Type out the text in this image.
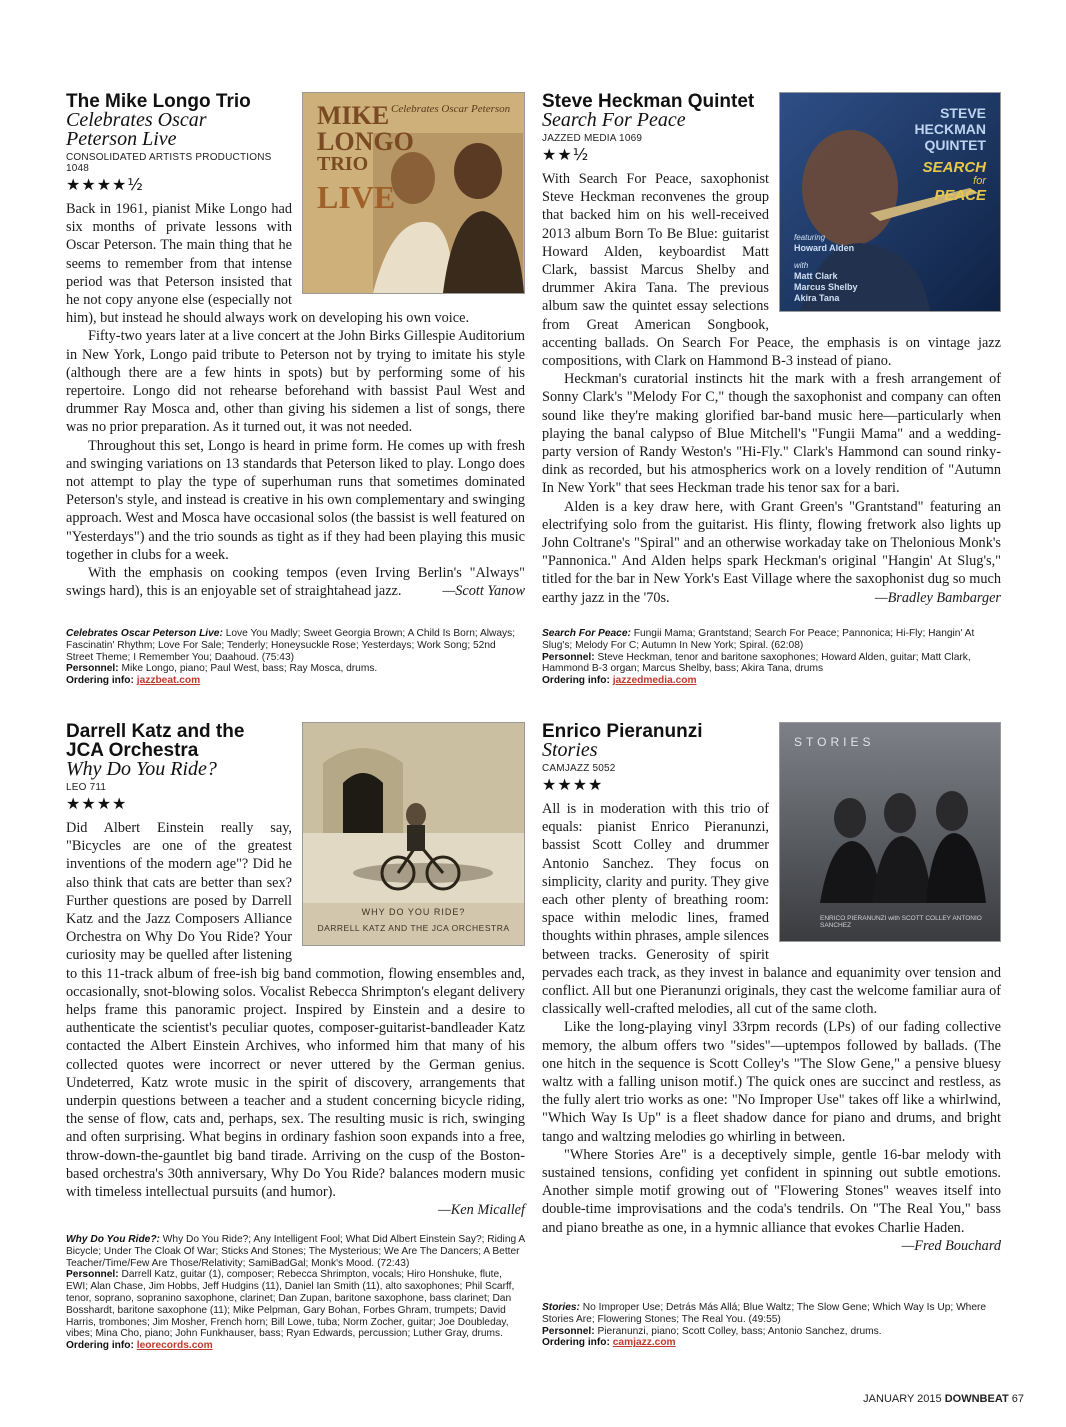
MIKE
LONGO
TRIO
LIVE
Celebrates Oscar Peterson
The Mike Longo Trio
Celebrates Oscar
Peterson Live
CONSOLIDATED ARTISTS PRODUCTIONS 1048
★★★★½

Back in 1961, pianist Mike Longo had six months of private lessons with Oscar Peterson. The main thing that he seems to remember from that intense period was that Peterson insisted that he not copy anyone else (especially not him), but instead he should always work on developing his own voice.

Fifty-two years later at a live concert at the John Birks Gillespie Auditorium in New York, Longo paid tribute to Peterson not by trying to imitate his style (although there are a few hints in spots) but by performing some of his repertoire. Longo did not rehearse beforehand with bassist Paul West and drummer Ray Mosca and, other than giving his sidemen a list of songs, there was no prior preparation. As it turned out, it was not needed.

Throughout this set, Longo is heard in prime form. He comes up with fresh and swinging variations on 13 standards that Peterson liked to play. Longo does not attempt to play the type of superhuman runs that sometimes dominated Peterson's style, and instead is creative in his own complementary and swinging approach. West and Mosca have occasional solos (the bassist is well featured on "Yesterdays") and the trio sounds as tight as if they had been playing this music together in clubs for a week.

With the emphasis on cooking tempos (even Irving Berlin's "Always" swings hard), this is an enjoyable set of straightahead jazz.	—Scott Yanow

Celebrates Oscar Peterson Live: Love You Madly; Sweet Georgia Brown; A Child Is Born; Always; Fascinatin' Rhythm; Love For Sale; Tenderly; Honeysuckle Rose; Yesterdays; Work Song; 52nd Street Theme; I Remember You; Daahoud. (75:43)
Personnel: Mike Longo, piano; Paul West, bass; Ray Mosca, drums.
Ordering info: jazzbeat.com
STEVE
HECKMAN
QUINTET
SEARCH
for
PEACE
featuring
Howard Alden
with
Matt Clark
Marcus Shelby
Akira Tana
Steve Heckman Quintet
Search For Peace
JAZZED MEDIA 1069
★★½

With Search For Peace, saxophonist Steve Heckman reconvenes the group that backed him on his well-received 2013 album Born To Be Blue: guitarist Howard Alden, keyboardist Matt Clark, bassist Marcus Shelby and drummer Akira Tana. The previous album saw the quintet essay selections from Great American Songbook, accenting ballads. On Search For Peace, the emphasis is on vintage jazz compositions, with Clark on Hammond B-3 instead of piano.

Heckman's curatorial instincts hit the mark with a fresh arrangement of Sonny Clark's "Melody For C," though the saxophonist and company can often sound like they're making glorified bar-band music here—particularly when playing the banal calypso of Blue Mitchell's "Fungii Mama" and a wedding-party version of Randy Weston's "Hi-Fly." Clark's Hammond can sound rinky-dink as recorded, but his atmospherics work on a lovely rendition of "Autumn In New York" that sees Heckman trade his tenor sax for a bari.

Alden is a key draw here, with Grant Green's "Grantstand" featuring an electrifying solo from the guitarist. His flinty, flowing fretwork also lights up John Coltrane's "Spiral" and an otherwise workaday take on Thelonious Monk's "Pannonica." And Alden helps spark Heckman's original "Hangin' At Slug's," titled for the bar in New York's East Village where the saxophonist dug so much earthy jazz in the '70s.	—Bradley Bambarger

Search For Peace: Fungii Mama; Grantstand; Search For Peace; Pannonica; Hi-Fly; Hangin' At Slug's; Melody For C; Autumn In New York; Spiral. (62:08)
Personnel: Steve Heckman, tenor and baritone saxophones; Howard Alden, guitar; Matt Clark, Hammond B-3 organ; Marcus Shelby, bass; Akira Tana, drums
Ordering info: jazzedmedia.com
WHY DO YOU RIDE?
DARRELL KATZ AND THE JCA ORCHESTRA
Darrell Katz and the
JCA Orchestra
Why Do You Ride?
LEO 711
★★★★

Did Albert Einstein really say, "Bicycles are one of the greatest inventions of the modern age"? Did he also think that cats are better than sex? Further questions are posed by Darrell Katz and the Jazz Composers Alliance Orchestra on Why Do You Ride? Your curiosity may be quelled after listening to this 11-track album of free-ish big band commotion, flowing ensembles and, occasionally, snot-blowing solos. Vocalist Rebecca Shrimpton's elegant delivery helps frame this panoramic project. Inspired by Einstein and a desire to authenticate the scientist's peculiar quotes, composer-guitarist-bandleader Katz contacted the Albert Einstein Archives, who informed him that many of his collected quotes were incorrect or never uttered by the German genius. Undeterred, Katz wrote music in the spirit of discovery, arrangements that underpin questions between a teacher and a student concerning bicycle riding, the sense of flow, cats and, perhaps, sex. The resulting music is rich, swinging and often surprising. What begins in ordinary fashion soon expands into a free, throw-down-the-gauntlet big band tirade. Arriving on the cusp of the Boston-based orchestra's 30th anniversary, Why Do You Ride? balances modern music with timeless intellectual pursuits (and humor).

—Ken Micallef
Why Do You Ride?: Why Do You Ride?; Any Intelligent Fool; What Did Albert Einstein Say?; Riding A Bicycle; Under The Cloak Of War; Sticks And Stones; The Mysterious; We Are The Dancers; A Better Teacher/Time/Few Are Those/Relativity; SamiBadGal; Monk's Mood. (72:43)
Personnel: Darrell Katz, guitar (1), composer; Rebecca Shrimpton, vocals; Hiro Honshuke, flute, EWI; Alan Chase, Jim Hobbs, Jeff Hudgins (11), Daniel Ian Smith (11), alto saxophones; Phil Scarff, tenor, soprano, sopranino saxophone, clarinet; Dan Zupan, baritone saxophone, bass clarinet; Dan Bosshardt, baritone saxophone (11); Mike Pelpman, Gary Bohan, Forbes Ghram, trumpets; David Harris, trombones; Jim Mosher, French horn; Bill Lowe, tuba; Norm Zocher, guitar; Joe Doubleday, vibes; Mina Cho, piano; John Funkhauser, bass; Ryan Edwards, percussion; Luther Gray, drums.
Ordering info: leorecords.com
STORIES
ENRICO PIERANUNZI with SCOTT COLLEY ANTONIO SANCHEZ
Enrico Pieranunzi
Stories
CAMJAZZ 5052
★★★★

All is in moderation with this trio of equals: pianist Enrico Pieranunzi, bassist Scott Colley and drummer Antonio Sanchez. They focus on simplicity, clarity and purity. They give each other plenty of breathing room: space within melodic lines, framed thoughts within phrases, ample silences between tracks. Generosity of spirit pervades each track, as they invest in balance and equanimity over tension and conflict. All but one Pieranunzi originals, they cast the welcome familiar aura of classically well-crafted melodies, all cut of the same cloth.

Like the long-playing vinyl 33rpm records (LPs) of our fading collective memory, the album offers two "sides"—uptempos followed by ballads. (The one hitch in the sequence is Scott Colley's "The Slow Gene," a pensive bluesy waltz with a falling unison motif.) The quick ones are succinct and restless, as the fully alert trio works as one: "No Improper Use" takes off like a whirlwind, "Which Way Is Up" is a fleet shadow dance for piano and drums, and bright tango and waltzing melodies go whirling in between.

"Where Stories Are" is a deceptively simple, gentle 16-bar melody with sustained tensions, confiding yet confident in spinning out subtle emotions. Another simple motif growing out of "Flowering Stones" weaves itself into double-time improvisations and the coda's tendrils. On "The Real You," bass and piano breathe as one, in a hymnic alliance that evokes Charlie Haden.

—Fred Bouchard
Stories: No Improper Use; Detrás Más Allá; Blue Waltz; The Slow Gene; Which Way Is Up; Where Stories Are; Flowering Stones; The Real You. (49:55)
Personnel: Pieranunzi, piano; Scott Colley, bass; Antonio Sanchez, drums.
Ordering info: camjazz.com
JANUARY 2015 DOWNBEAT 67
